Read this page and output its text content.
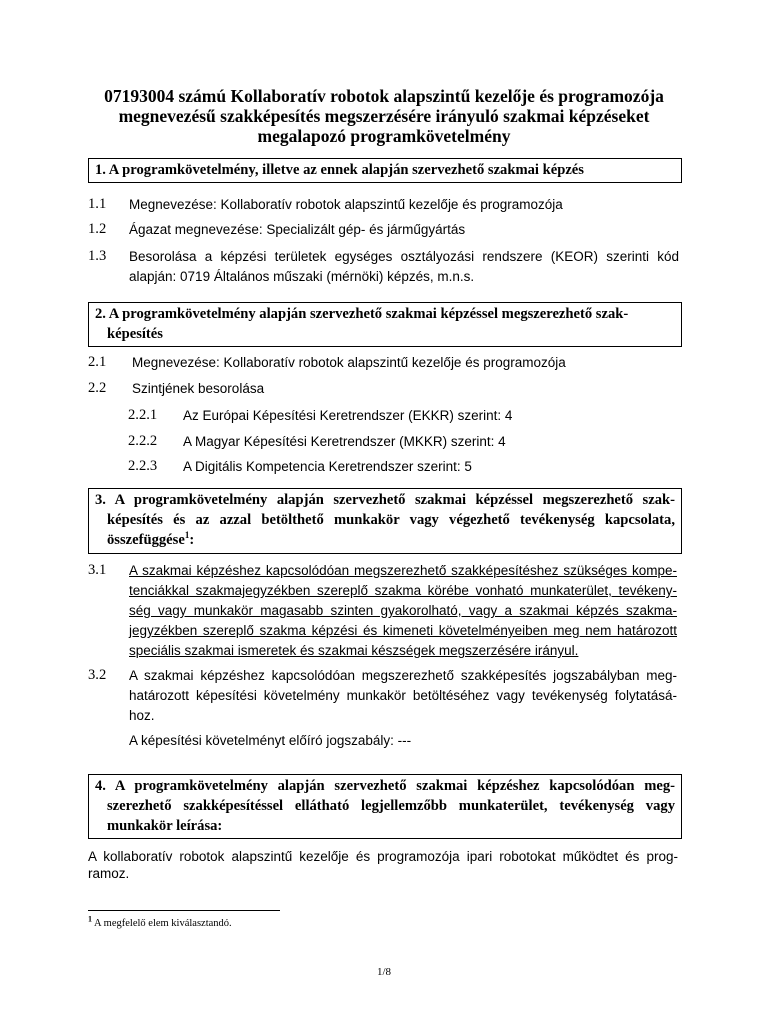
07193004 számú Kollaboratív robotok alapszintű kezelője és programozója
megnevezésű szakképesítés megszerzésére irányuló szakmai képzéseket
megalapozó programkövetelmény
1. A programkövetelmény, illetve az ennek alapján szervezhető szakmai képzés
1.1 Megnevezése: Kollaboratív robotok alapszintű kezelője és programozója
1.2 Ágazat megnevezése: Specializált gép- és járműgyártás
1.3 Besorolása a képzési területek egységes osztályozási rendszere (KEOR) szerinti kód
alapján: 0719 Általános műszaki (mérnöki) képzés, m.n.s.
2. A programkövetelmény alapján szervezhető szakmai képzéssel megszerezhető szak-
képesítés
2.1 Megnevezése: Kollaboratív robotok alapszintű kezelője és programozója
2.2 Szintjének besorolása
2.2.1 Az Európai Képesítési Keretrendszer (EKKR) szerint: 4
2.2.2 A Magyar Képesítési Keretrendszer (MKKR) szerint: 4
2.2.3 A Digitális Kompetencia Keretrendszer szerint: 5
3. A programkövetelmény alapján szervezhető szakmai képzéssel megszerezhető szak-
képesítés és az azzal betölthető munkakör vagy végezhető tevékenység kapcsolata,
összefüggése$^1$:
3.1 A szakmai képzéshez kapcsolódóan megszerezhető szakképesítéshez szükséges kompe-
tenciákkal szakmajegyzékben szereplő szakma körébe vonható munkaterület, tevékeny-
ség vagy munkakör magasabb szinten gyakorolható, vagy a szakmai képzés szakma-
jegyzékben szereplő szakma képzési és kimeneti követelményeiben meg nem határozott
speciális szakmai ismeretek és szakmai készségek megszerzésére irányul.
3.2 A szakmai képzéshez kapcsolódóan megszerezhető szakképesítés jogszabályban meg-
határozott képesítési követelmény munkakör betöltéséhez vagy tevékenység folytatásá-
hoz.
A képesítési követelményt előíró jogszabály: ---
4. A programkövetelmény alapján szervezhető szakmai képzéshez kapcsolódóan meg-
szerezhető szakképesítéssel ellátható legjellemzőbb munkaterület, tevékenység vagy
munkakör leírása:
A kollaboratív robotok alapszintű kezelője és programozója ipari robotokat működtet és prog-
ramoz.
$^1$ A megfelelő elem kiválasztandó.
1/8
